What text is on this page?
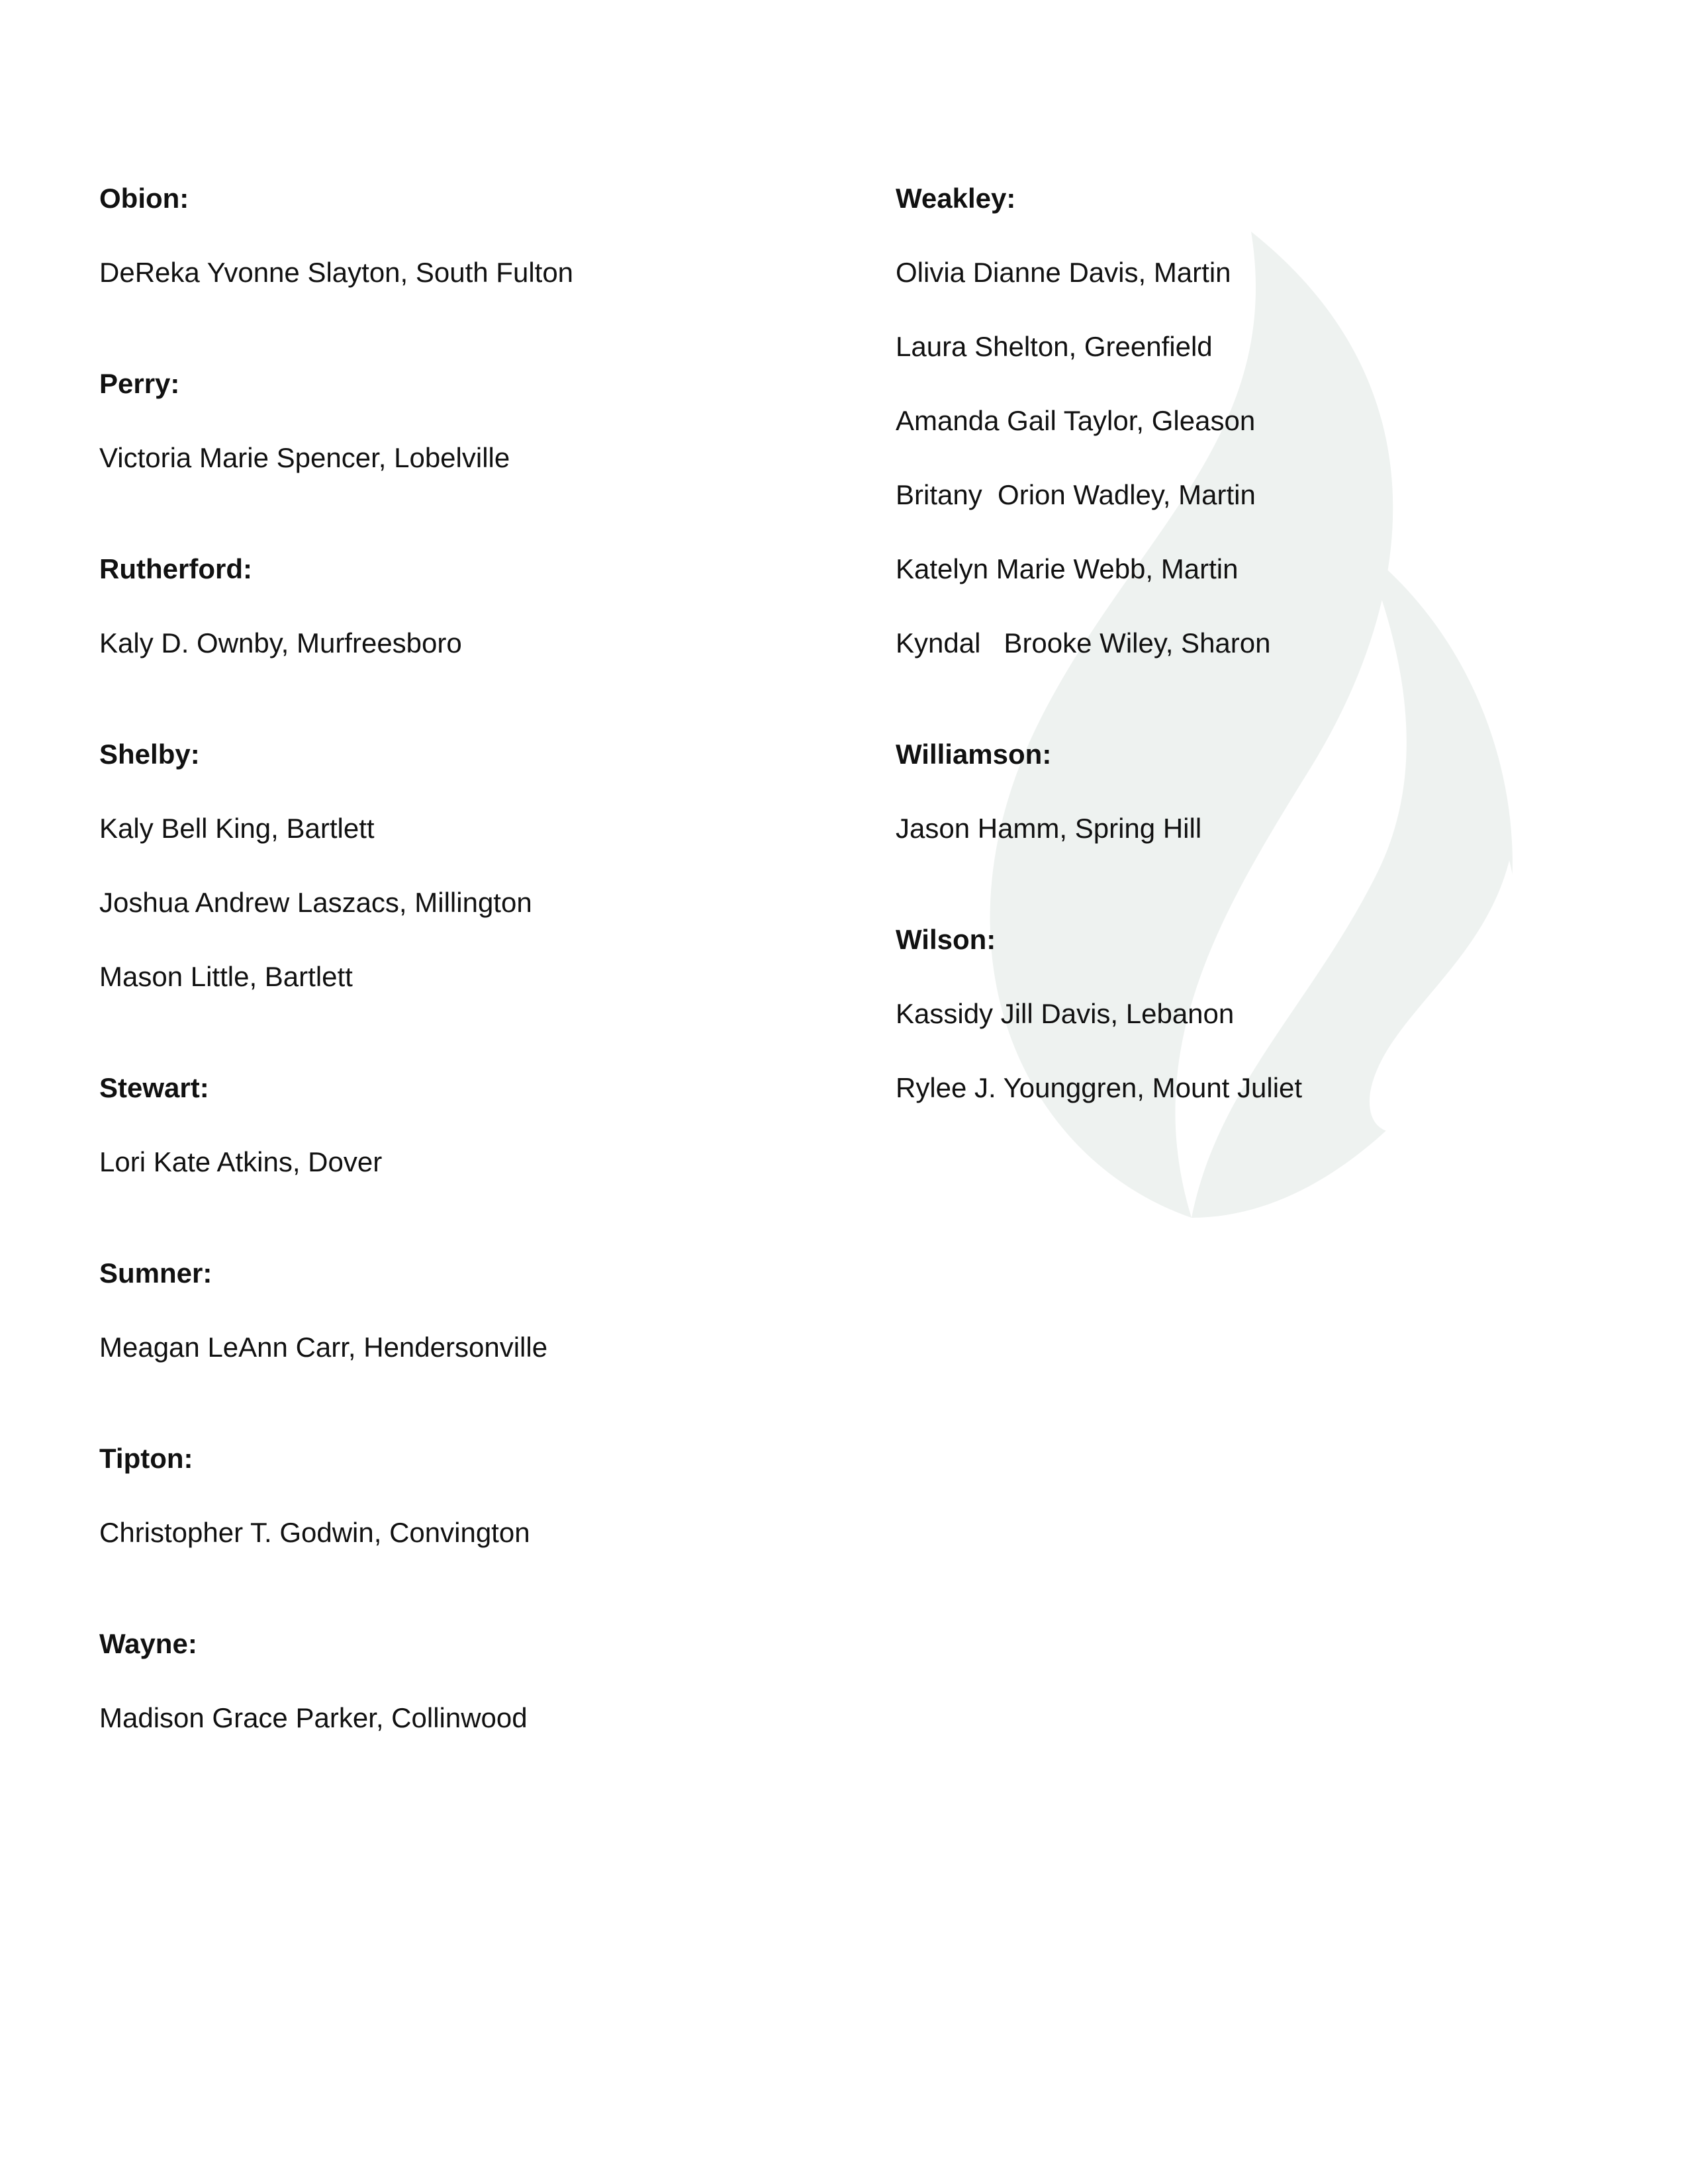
Obion:
DeReka Yvonne Slayton, South Fulton
Perry:
Victoria Marie Spencer, Lobelville
Rutherford:
Kaly D. Ownby, Murfreesboro
Shelby:
Kaly Bell King, Bartlett
Joshua Andrew Laszacs, Millington
Mason Little, Bartlett
Stewart:
Lori Kate Atkins, Dover
Sumner:
Meagan LeAnn Carr, Hendersonville
Tipton:
Christopher T. Godwin, Convington
Wayne:
Madison Grace Parker, Collinwood
Weakley:
Olivia Dianne Davis, Martin
Laura Shelton, Greenfield
Amanda Gail Taylor, Gleason
Britany  Orion Wadley, Martin
Katelyn Marie Webb, Martin
Kyndal   Brooke Wiley, Sharon
Williamson:
Jason Hamm, Spring Hill
Wilson:
Kassidy Jill Davis, Lebanon
Rylee J. Younggren, Mount Juliet
